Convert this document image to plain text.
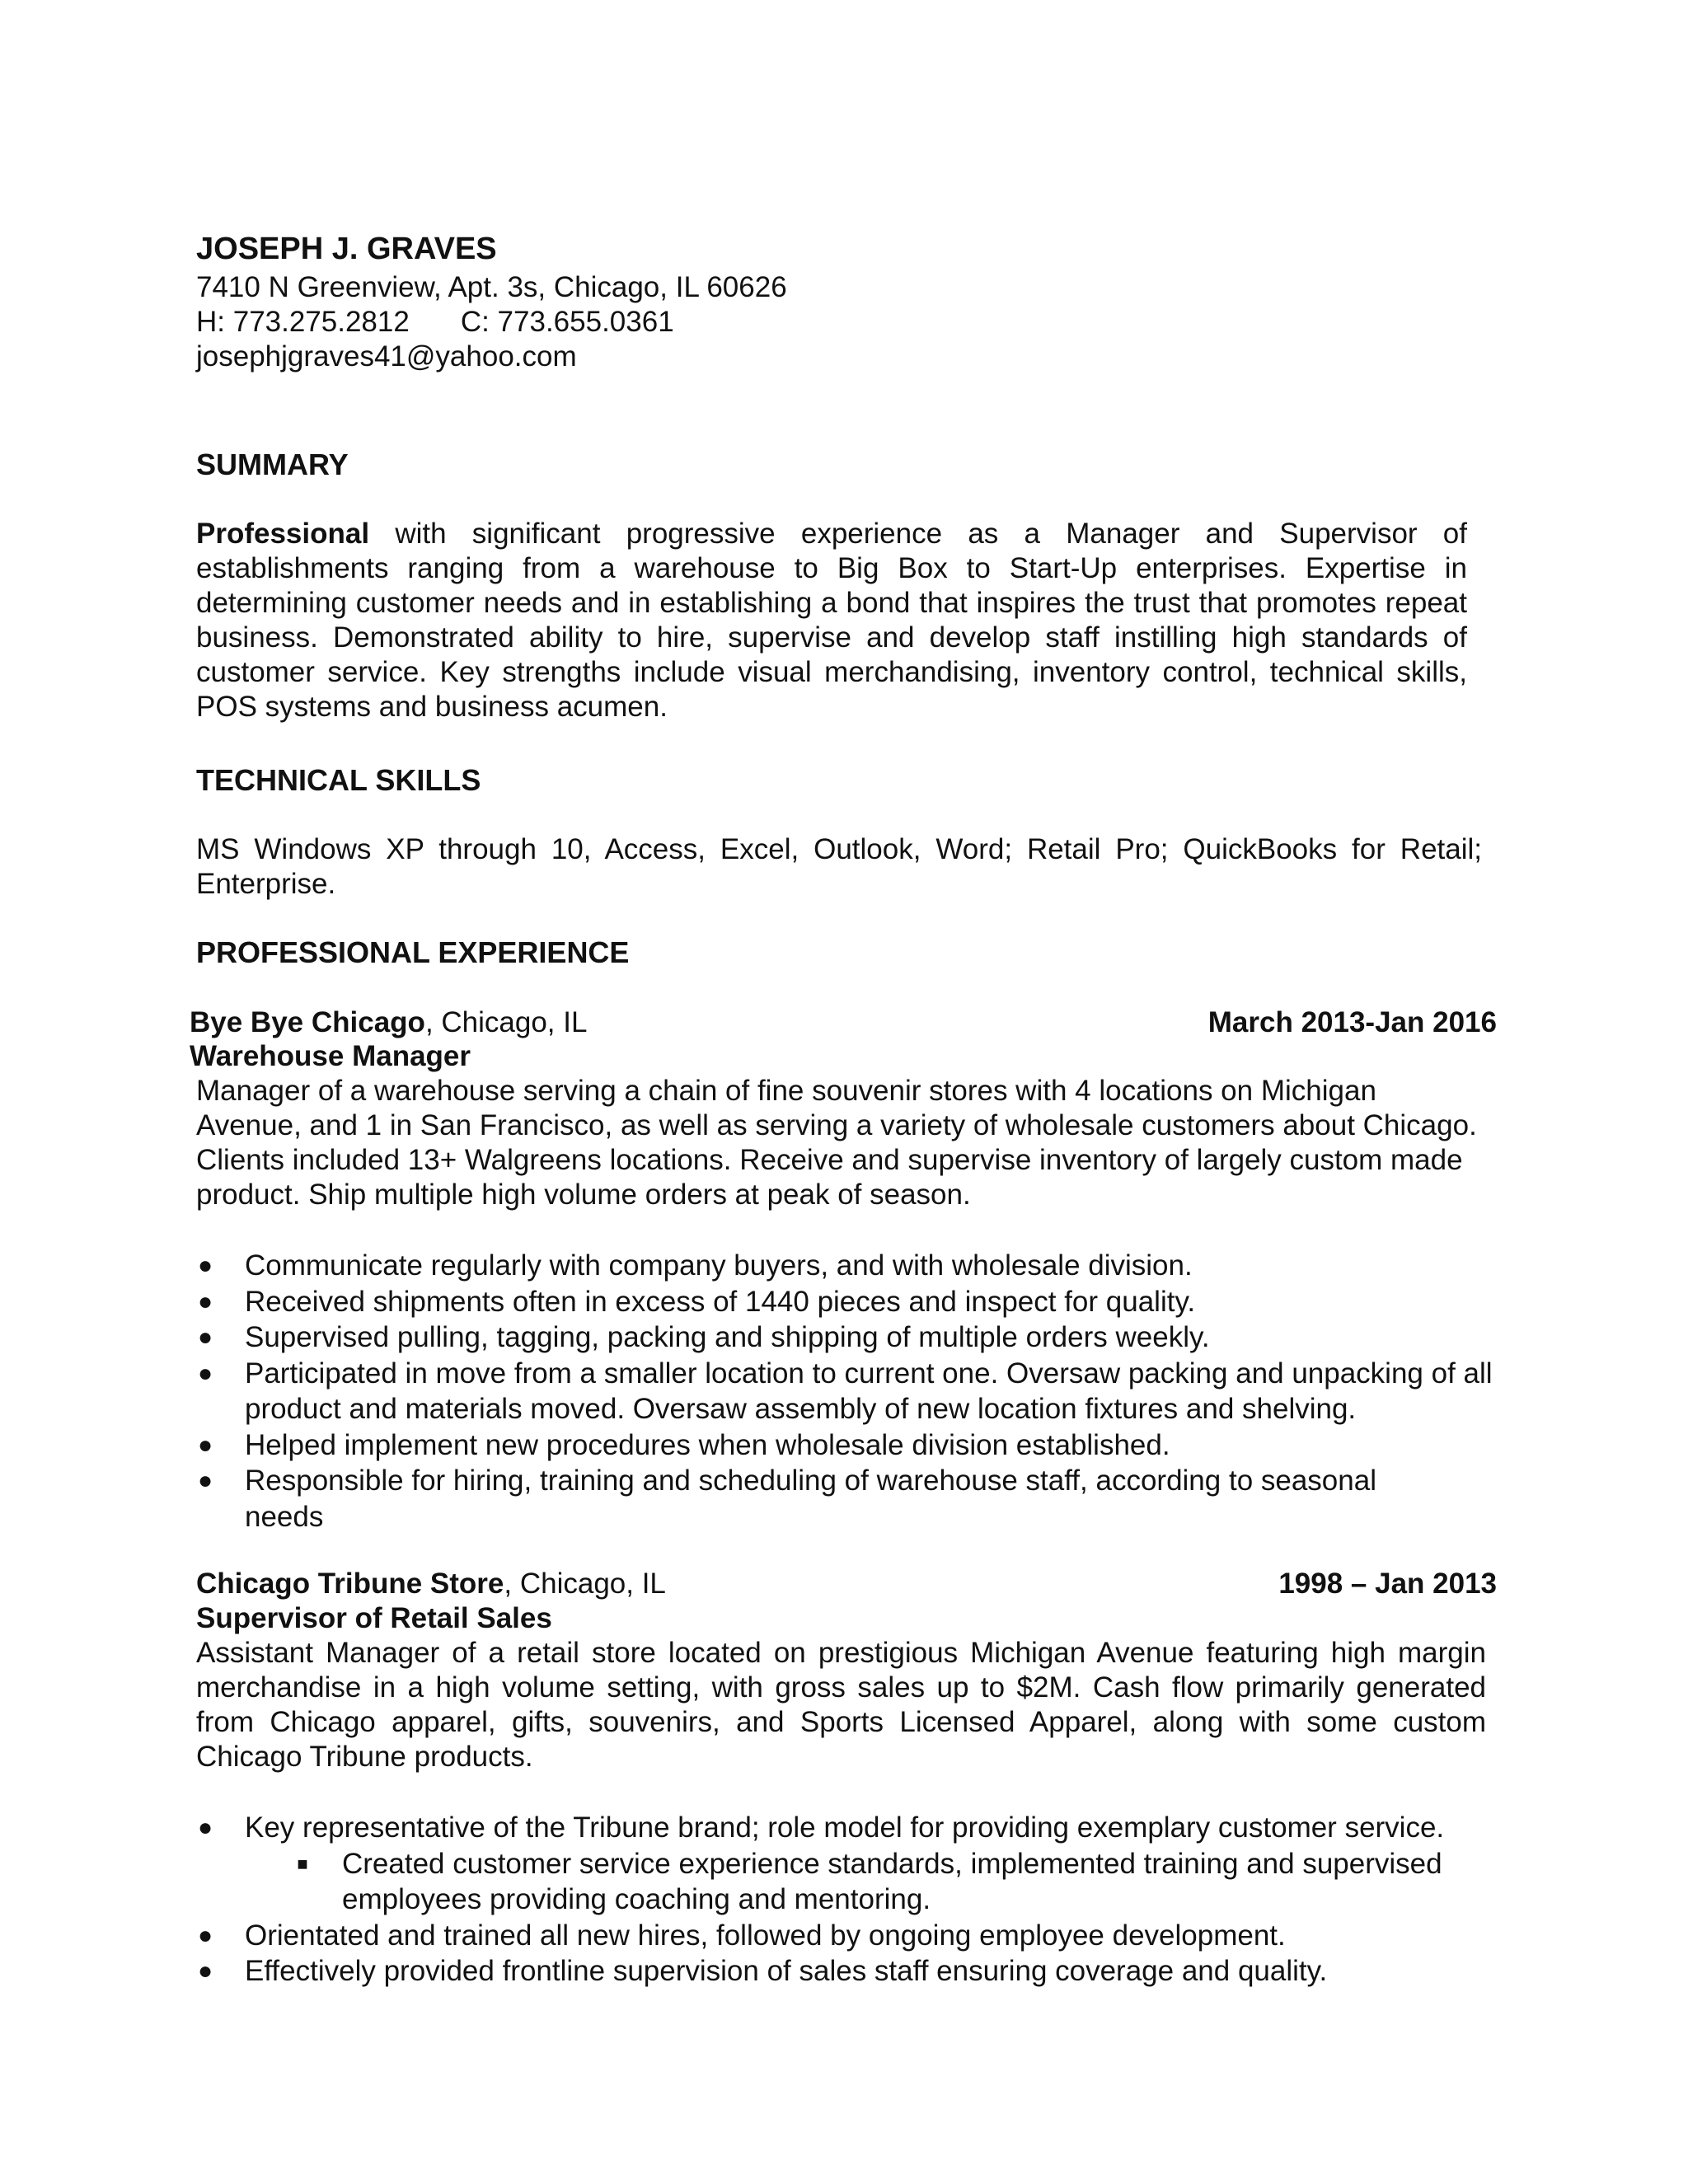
JOSEPH J. GRAVES
7410 N Greenview, Apt. 3s, Chicago, IL 60626
H: 773.275.2812 C: 773.655.0361
josephjgraves41@yahoo.com
SUMMARY

Professional with significant progressive experience as a Manager and Supervisor of establishments ranging from a warehouse to Big Box to Start-Up enterprises. Expertise in determining customer needs and in establishing a bond that inspires the trust that promotes repeat business. Demonstrated ability to hire, supervise and develop staff instilling high standards of customer service. Key strengths include visual merchandising, inventory control, technical skills, POS systems and business acumen.

TECHNICAL SKILLS

MS Windows XP through 10, Access, Excel, Outlook, Word; Retail Pro; QuickBooks for Retail; Enterprise.

PROFESSIONAL EXPERIENCE
Bye Bye Chicago, Chicago, IL	March 2013-Jan 2016
Warehouse Manager

Manager of a warehouse serving a chain of fine souvenir stores with 4 locations on Michigan Avenue, and 1 in San Francisco, as well as serving a variety of wholesale customers about Chicago. Clients included 13+ Walgreens locations. Receive and supervise inventory of largely custom made product. Ship multiple high volume orders at peak of season.

● Communicate regularly with company buyers, and with wholesale division.
● Received shipments often in excess of 1440 pieces and inspect for quality.
● Supervised pulling, tagging, packing and shipping of multiple orders weekly.
● Participated in move from a smaller location to current one. Oversaw packing and unpacking of all product and materials moved. Oversaw assembly of new location fixtures and shelving.
● Helped implement new procedures when wholesale division established.
● Responsible for hiring, training and scheduling of warehouse staff, according to seasonal needs
Chicago Tribune Store, Chicago, IL	1998 – Jan 2013
Supervisor of Retail Sales

Assistant Manager of a retail store located on prestigious Michigan Avenue featuring high margin merchandise in a high volume setting, with gross sales up to $2M. Cash flow primarily generated from Chicago apparel, gifts, souvenirs, and Sports Licensed Apparel, along with some custom Chicago Tribune products.

● Key representative of the Tribune brand; role model for providing exemplary customer service.
■ Created customer service experience standards, implemented training and supervised employees providing coaching and mentoring.
● Orientated and trained all new hires, followed by ongoing employee development.
● Effectively provided frontline supervision of sales staff ensuring coverage and quality.
